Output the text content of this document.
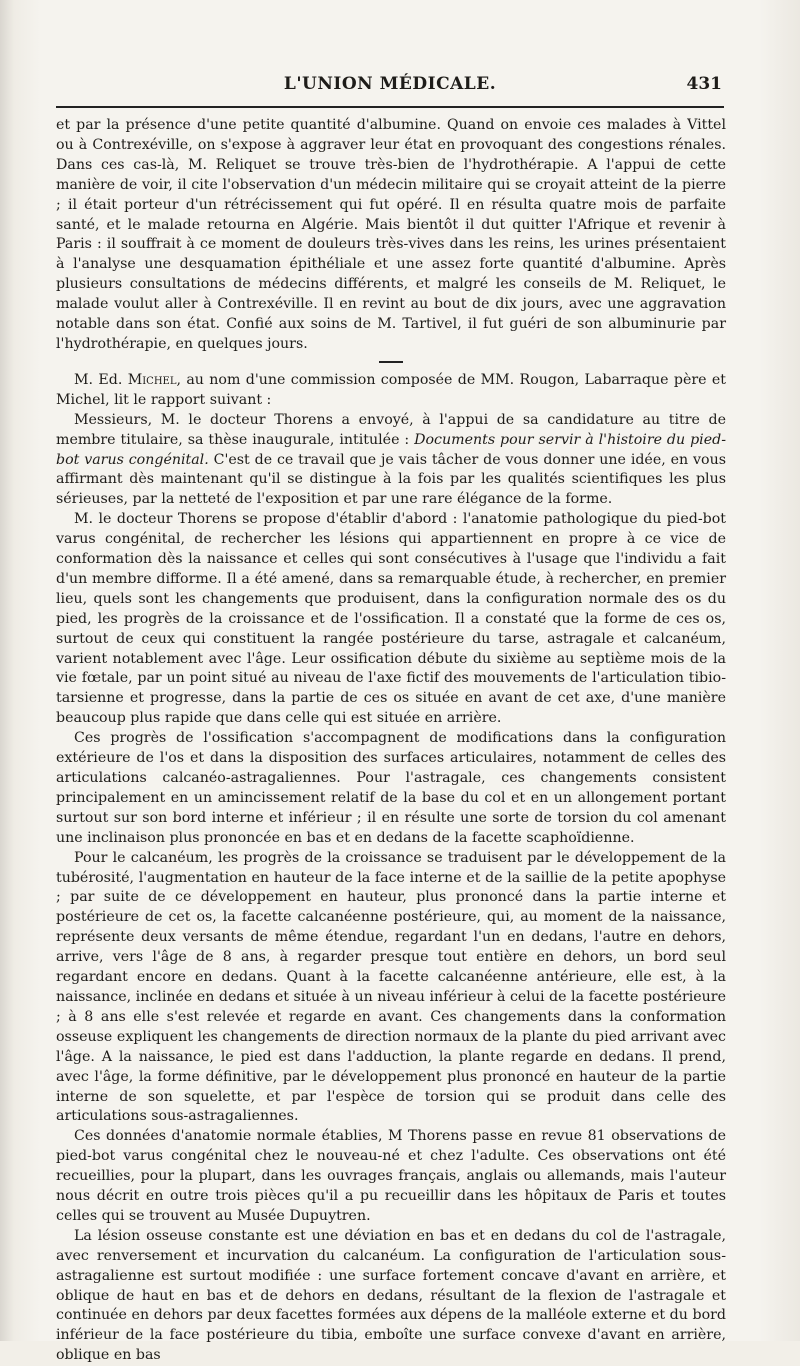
L'UNION MÉDICALE.	431

et par la présence d'une petite quantité d'albumine. Quand on envoie ces malades à Vittel ou à Contrexéville, on s'expose à aggraver leur état en provoquant des congestions rénales. Dans ces cas-là, M. Reliquet se trouve très-bien de l'hydrothérapie. A l'appui de cette manière de voir, il cite l'observation d'un médecin militaire qui se croyait atteint de la pierre ; il était porteur d'un rétrécissement qui fut opéré. Il en résulta quatre mois de parfaite santé, et le malade retourna en Algérie. Mais bientôt il dut quitter l'Afrique et revenir à Paris : il souffrait à ce moment de douleurs très-vives dans les reins, les urines présentaient à l'analyse une desquamation épithéliale et une assez forte quantité d'albumine. Après plusieurs consultations de médecins différents, et malgré les conseils de M. Reliquet, le malade voulut aller à Contrexéville. Il en revint au bout de dix jours, avec une aggravation notable dans son état. Confié aux soins de M. Tartivel, il fut guéri de son albuminurie par l'hydrothérapie, en quelques jours.

M. Ed. Michel, au nom d'une commission composée de MM. Rougon, Labarraque père et Michel, lit le rapport suivant :

Messieurs, M. le docteur Thorens a envoyé, à l'appui de sa candidature au titre de membre titulaire, sa thèse inaugurale, intitulée : Documents pour servir à l'histoire du pied-bot varus congénital. C'est de ce travail que je vais tâcher de vous donner une idée, en vous affirmant dès maintenant qu'il se distingue à la fois par les qualités scientifiques les plus sérieuses, par la netteté de l'exposition et par une rare élégance de la forme.

M. le docteur Thorens se propose d'établir d'abord : l'anatomie pathologique du pied-bot varus congénital, de rechercher les lésions qui appartiennent en propre à ce vice de conformation dès la naissance et celles qui sont consécutives à l'usage que l'individu a fait d'un membre difforme. Il a été amené, dans sa remarquable étude, à rechercher, en premier lieu, quels sont les changements que produisent, dans la configuration normale des os du pied, les progrès de la croissance et de l'ossification. Il a constaté que la forme de ces os, surtout de ceux qui constituent la rangée postérieure du tarse, astragale et calcanéum, varient notablement avec l'âge. Leur ossification débute du sixième au septième mois de la vie fœtale, par un point situé au niveau de l'axe fictif des mouvements de l'articulation tibio-tarsienne et progresse, dans la partie de ces os située en avant de cet axe, d'une manière beaucoup plus rapide que dans celle qui est située en arrière.

Ces progrès de l'ossification s'accompagnent de modifications dans la configuration extérieure de l'os et dans la disposition des surfaces articulaires, notamment de celles des articulations calcanéo-astragaliennes. Pour l'astragale, ces changements consistent principalement en un amincissement relatif de la base du col et en un allongement portant surtout sur son bord interne et inférieur ; il en résulte une sorte de torsion du col amenant une inclinaison plus prononcée en bas et en dedans de la facette scaphoïdienne.

Pour le calcanéum, les progrès de la croissance se traduisent par le développement de la tubérosité, l'augmentation en hauteur de la face interne et de la saillie de la petite apophyse ; par suite de ce développement en hauteur, plus prononcé dans la partie interne et postérieure de cet os, la facette calcanéenne postérieure, qui, au moment de la naissance, représente deux versants de même étendue, regardant l'un en dedans, l'autre en dehors, arrive, vers l'âge de 8 ans, à regarder presque tout entière en dehors, un bord seul regardant encore en dedans. Quant à la facette calcanéenne antérieure, elle est, à la naissance, inclinée en dedans et située à un niveau inférieur à celui de la facette postérieure ; à 8 ans elle s'est relevée et regarde en avant. Ces changements dans la conformation osseuse expliquent les changements de direction normaux de la plante du pied arrivant avec l'âge. A la naissance, le pied est dans l'adduction, la plante regarde en dedans. Il prend, avec l'âge, la forme définitive, par le développement plus prononcé en hauteur de la partie interne de son squelette, et par l'espèce de torsion qui se produit dans celle des articulations sous-astragaliennes.

Ces données d'anatomie normale établies, M Thorens passe en revue 81 observations de pied-bot varus congénital chez le nouveau-né et chez l'adulte. Ces observations ont été recueillies, pour la plupart, dans les ouvrages français, anglais ou allemands, mais l'auteur nous décrit en outre trois pièces qu'il a pu recueillir dans les hôpitaux de Paris et toutes celles qui se trouvent au Musée Dupuytren.

La lésion osseuse constante est une déviation en bas et en dedans du col de l'astragale, avec renversement et incurvation du calcanéum. La configuration de l'articulation sous-astragalienne est surtout modifiée : une surface fortement concave d'avant en arrière, et oblique de haut en bas et de dehors en dedans, résultant de la flexion de l'astragale et continuée en dehors par deux facettes formées aux dépens de la malléole externe et du bord inférieur de la face postérieure du tibia, emboîte une surface convexe d'avant en arrière, oblique en bas
